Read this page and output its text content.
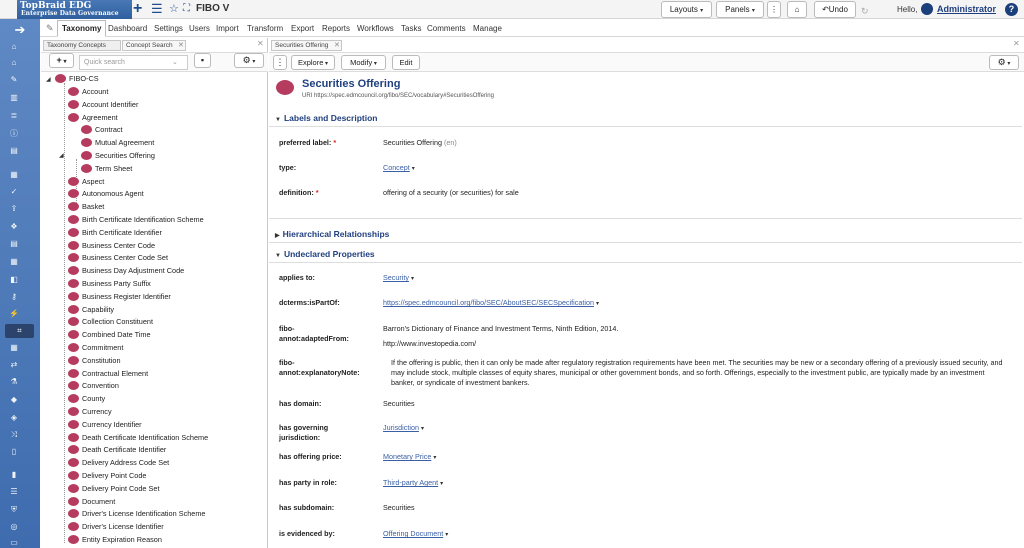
TopBraid EDG
Enterprise Data Governance + ☰ ☆ ⛶ FIBO V	Layouts ▾	Panels ▾	⋮	⌂	↶Undo	↻	Hello, Administrator	?
➔
⌂
⌂
✎
▥
≣
ⓘ
▤
▦
✓
⇪
❖
▤
▦
◧
⚷
⚡
⌗
▦
⇄
⚗
◆
◈
⤨
▯
▮
☰
⛨
◎
▭
✎	Taxonomy Dashboard Settings Users Import Transform Export Reports Workflows Tasks Comments Manage
Taxonomy Concepts	Concept Search ✕	✕
+ ▾	Quick search	⌄	▪	⚙ ▾
◢	FIBO-CS
◢
Account
Account Identifier
Agreement
Contract
Mutual Agreement
Securities Offering
Term Sheet
Aspect
Autonomous Agent
Basket
Birth Certificate Identification Scheme
Birth Certificate Identifier
Business Center Code
Business Center Code Set
Business Day Adjustment Code
Business Party Suffix
Business Register Identifier
Capability
Collection Constituent
Combined Date Time
Commitment
Constitution
Contractual Element
Convention
County
Currency
Currency Identifier
Death Certificate Identification Scheme
Death Certificate Identifier
Delivery Address Code Set
Delivery Point Code
Delivery Point Code Set
Document
Driver's License Identification Scheme
Driver's License Identifier
Entity Expiration Reason
Securities Offering ✕	✕
⋮	Explore ▾	Modify ▾	Edit	⚙ ▾
Securities Offering
URI https://spec.edmcouncil.org/fibo/SEC/vocabulary#SecuritiesOffering
▼ Labels and Description
preferred label: *	Securities Offering (en)
type:	Concept ▾
definition: *	offering of a security (or securities) for sale
▶ Hierarchical Relationships
▼ Undeclared Properties
applies to:	Security ▾
dcterms:isPartOf:	https://spec.edmcouncil.org/fibo/SEC/AboutSEC/SECSpecification ▾
fibo-
annot:adaptedFrom:
Barron's Dictionary of Finance and Investment Terms, Ninth Edition, 2014.
http://www.investopedia.com/
fibo-
annot:explanatoryNote:
If the offering is public, then it can only be made after regulatory registration requirements have been met. The securities may be new or a secondary offering of a previously issued security, and may include stock, multiple classes of equity shares, municipal or other government bonds, and so forth. Offerings, especially to the investment public, are typically made by an investment banker, or syndicate of investment bankers.
has domain:	Securities
has governing
jurisdiction:
Jurisdiction ▾
has offering price:	Monetary Price ▾
has party in role:	Third-party Agent ▾
has subdomain:	Securities
is evidenced by:	Offering Document ▾
